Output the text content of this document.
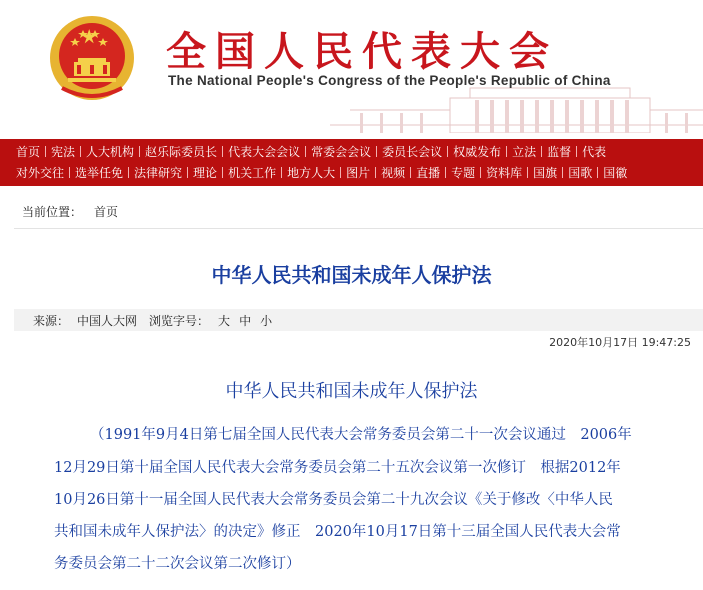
全国人民代表大会
The National People's Congress of the People's Republic of China
首页 宪法 人大机构 赵乐际委员长 代表大会会议 常委会会议 委员长会议 权威发布 立法 监督 代表
对外交往 选举任免 法律研究 理论 机关工作 地方人大 图片 视频 直播 专题 资料库 国旗 国歌 国徽
当前位置： 首页
中华人民共和国未成年人保护法
来源： 中国人大网 浏览字号： 大 中 小
2020年10月17日 19:47:25
中华人民共和国未成年人保护法
（1991年9月4日第七届全国人民代表大会常务委员会第二十一次会议通过　2006年
12月29日第十届全国人民代表大会常务委员会第二十五次会议第一次修订　根据2012年
10月26日第十一届全国人民代表大会常务委员会第二十九次会议《关于修改〈中华人民
共和国未成年人保护法〉的决定》修正　2020年10月17日第十三届全国人民代表大会常
务委员会第二十二次会议第二次修订）
